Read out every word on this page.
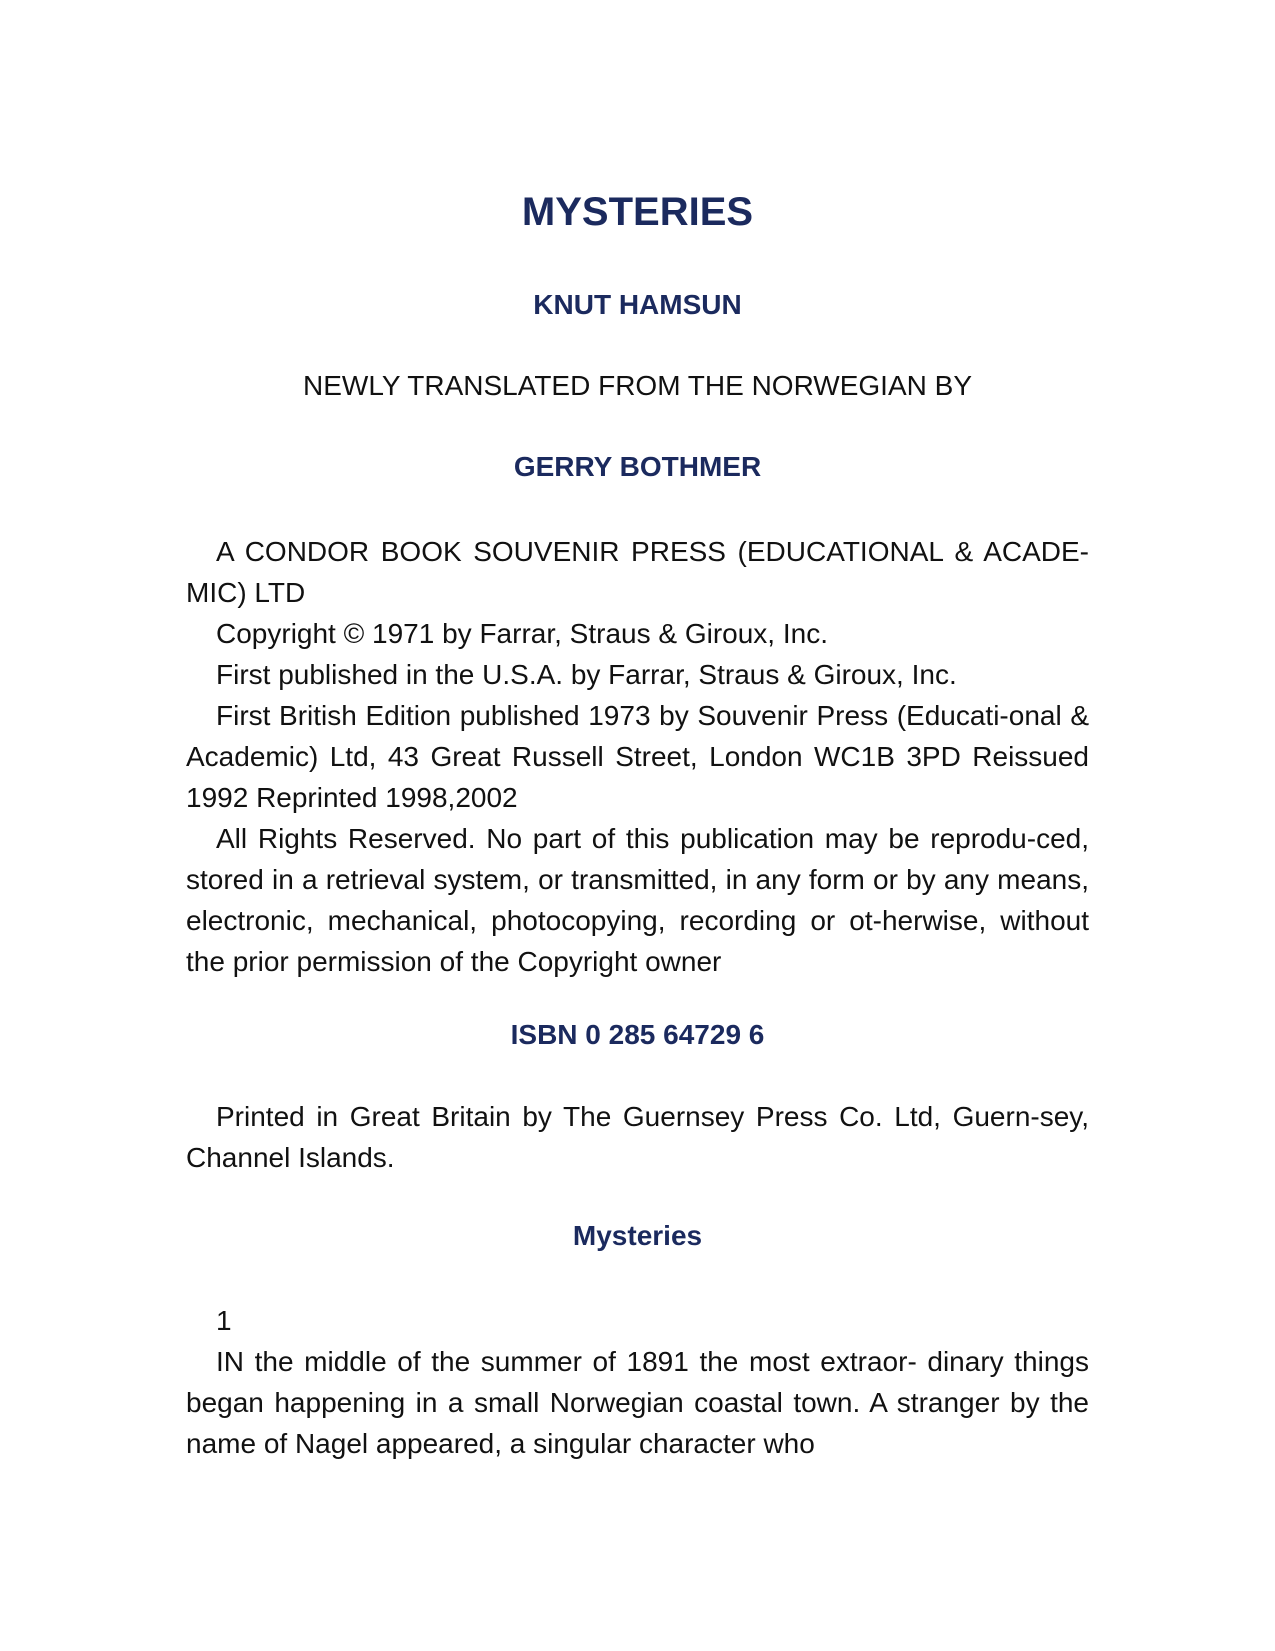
MYSTERIES
KNUT HAMSUN
NEWLY TRANSLATED FROM THE NORWEGIAN BY
GERRY BOTHMER

A CONDOR BOOK SOUVENIR PRESS (EDUCATIONAL & ACADE-MIC) LTD

Copyright © 1971 by Farrar, Straus & Giroux, Inc.

First published in the U.S.A. by Farrar, Straus & Giroux, Inc.

First British Edition published 1973 by Souvenir Press (Educati-onal & Academic) Ltd, 43 Great Russell Street, London WC1B 3PD Reissued 1992 Reprinted 1998,2002

All Rights Reserved. No part of this publication may be reprodu-ced, stored in a retrieval system, or transmitted, in any form or by any means, electronic, mechanical, photocopying, recording or ot-herwise, without the prior permission of the Copyright owner

ISBN 0 285 64729 6

Printed in Great Britain by The Guernsey Press Co. Ltd, Guern-sey, Channel Islands.

Mysteries

1

IN the middle of the summer of 1891 the most extraor- dinary things began happening in a small Norwegian coastal town. A stranger by the name of Nagel appeared, a singular character who
